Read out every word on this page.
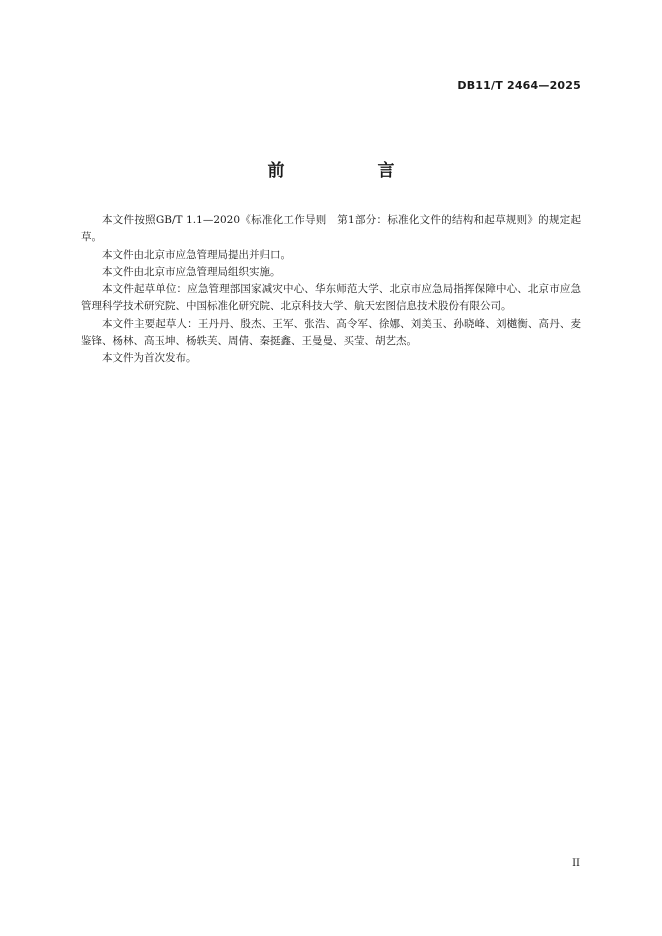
DB11/T 2464—2025
前　言

本文件按照GB/T 1.1—2020《标准化工作导则　第1部分：标准化文件的结构和起草规则》的规定起草。

本文件由北京市应急管理局提出并归口。

本文件由北京市应急管理局组织实施。

本文件起草单位：应急管理部国家减灾中心、华东师范大学、北京市应急局指挥保障中心、北京市应急管理科学技术研究院、中国标准化研究院、北京科技大学、航天宏图信息技术股份有限公司。

本文件主要起草人：王丹丹、殷杰、王军、张浩、高令军、徐娜、刘美玉、孙晓峰、刘樾衡、高丹、麦鉴锋、杨林、高玉坤、杨轶芙、周倩、秦挺鑫、王曼曼、买莹、胡艺杰。

本文件为首次发布。

II
